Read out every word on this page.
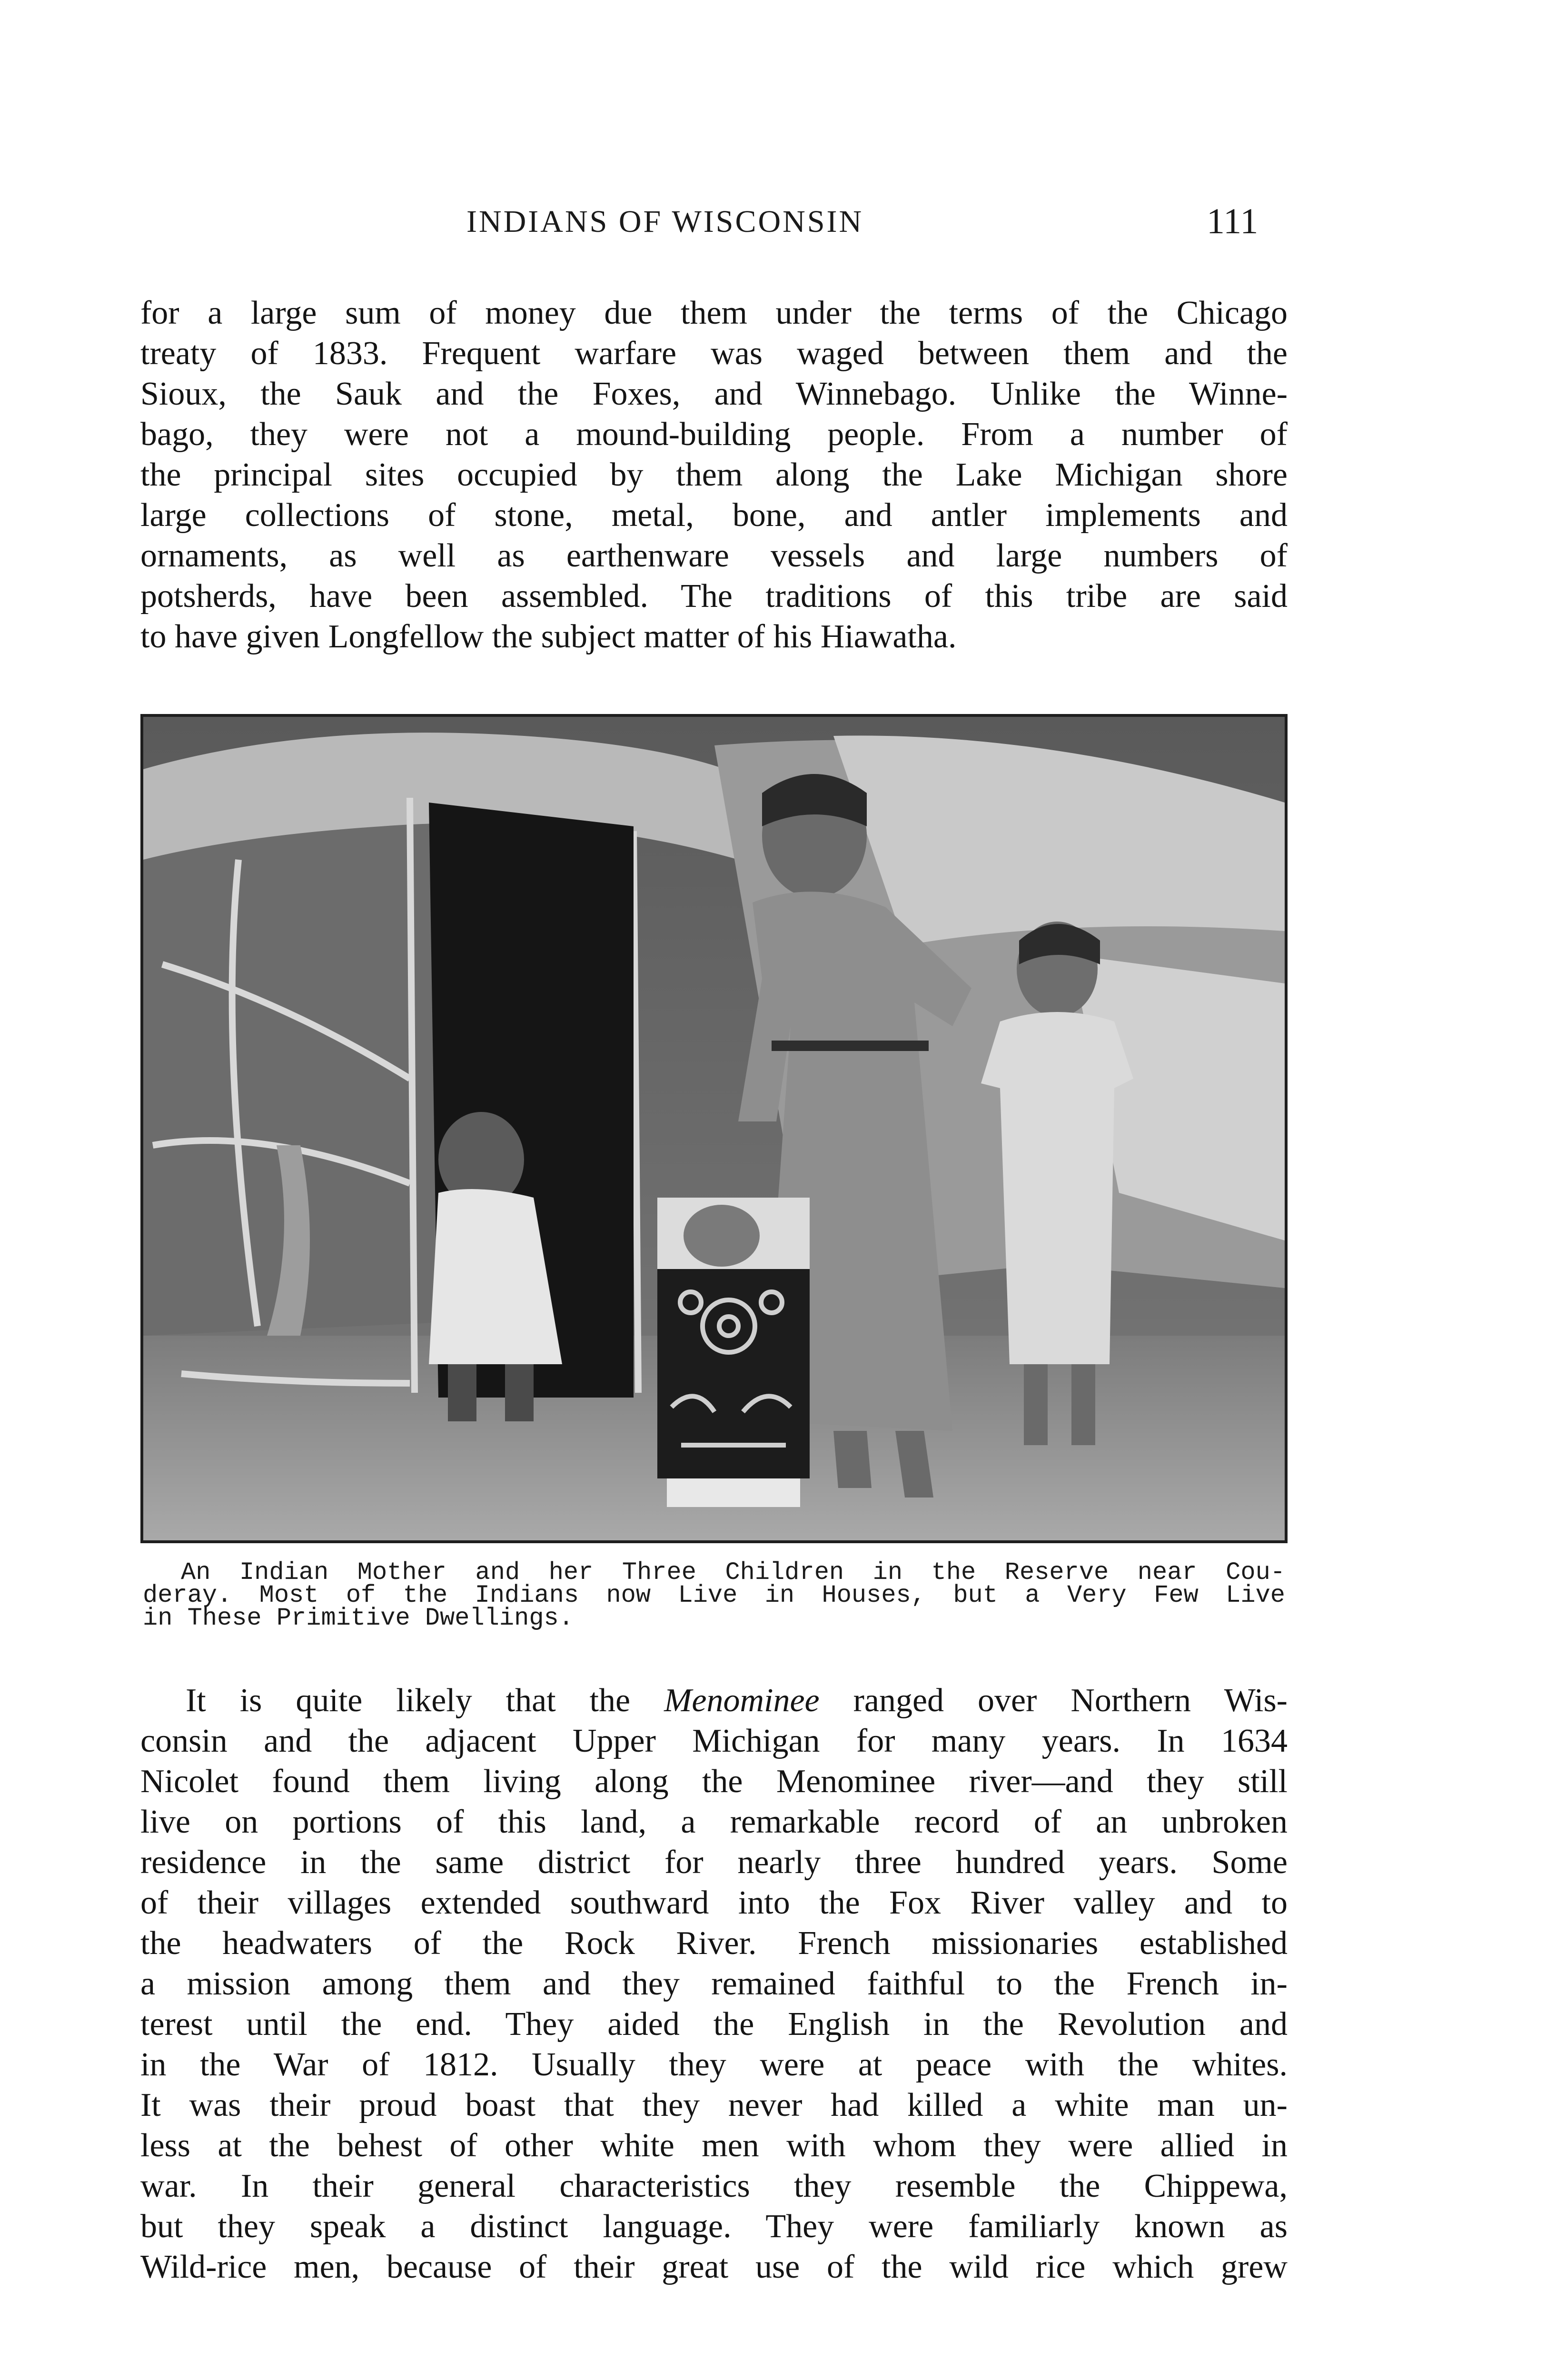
INDIANS OF WISCONSIN	111
for a large sum of money due them under the terms of the Chicago
treaty of 1833. Frequent warfare was waged between them and the
Sioux, the Sauk and the Foxes, and Winnebago. Unlike the Winne-
bago, they were not a mound-building people. From a number of
the principal sites occupied by them along the Lake Michigan shore
large collections of stone, metal, bone, and antler implements and
ornaments, as well as earthenware vessels and large numbers of
potsherds, have been assembled. The traditions of this tribe are said
to have given Longfellow the subject matter of his Hiawatha.
An Indian Mother and her Three Children in the Reserve near Cou-
deray. Most of the Indians now Live in Houses, but a Very Few Live
in These Primitive Dwellings.
It is quite likely that the Menominee ranged over Northern Wis-
consin and the adjacent Upper Michigan for many years. In 1634
Nicolet found them living along the Menominee river—and they still
live on portions of this land, a remarkable record of an unbroken
residence in the same district for nearly three hundred years. Some
of their villages extended southward into the Fox River valley and to
the headwaters of the Rock River. French missionaries established
a mission among them and they remained faithful to the French in-
terest until the end. They aided the English in the Revolution and
in the War of 1812. Usually they were at peace with the whites.
It was their proud boast that they never had killed a white man un-
less at the behest of other white men with whom they were allied in
war. In their general characteristics they resemble the Chippewa,
but they speak a distinct language. They were familiarly known as
Wild-rice men, because of their great use of the wild rice which grew
